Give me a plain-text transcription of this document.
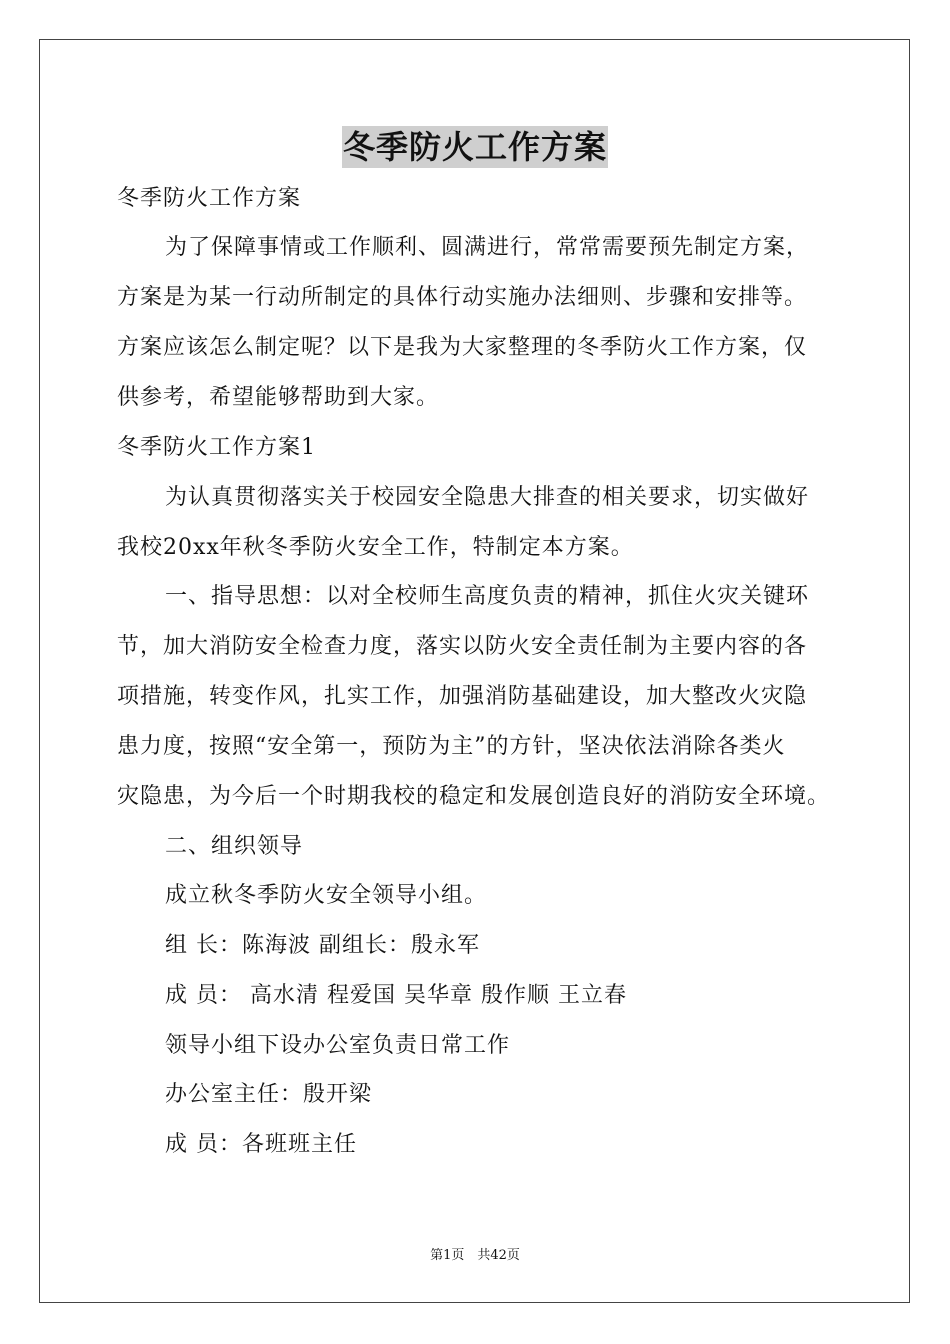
冬季防火工作方案
冬季防火工作方案
为了保障事情或工作顺利、圆满进行，常常需要预先制定方案，
方案是为某一行动所制定的具体行动实施办法细则、步骤和安排等。
方案应该怎么制定呢？以下是我为大家整理的冬季防火工作方案，仅
供参考，希望能够帮助到大家。
冬季防火工作方案1
为认真贯彻落实关于校园安全隐患大排查的相关要求，切实做好
我校20xx年秋冬季防火安全工作，特制定本方案。
一、指导思想：以对全校师生高度负责的精神，抓住火灾关键环
节，加大消防安全检查力度，落实以防火安全责任制为主要内容的各
项措施，转变作风，扎实工作，加强消防基础建设，加大整改火灾隐
患力度，按照“安全第一，预防为主”的方针，坚决依法消除各类火
灾隐患，为今后一个时期我校的稳定和发展创造良好的消防安全环境。
二、组织领导
成立秋冬季防火安全领导小组。
组 长：陈海波 副组长：殷永军
成 员： 高水清 程爱国 吴华章 殷作顺 王立春
领导小组下设办公室负责日常工作
办公室主任：殷开梁
成 员：各班班主任
第1页　共42页
